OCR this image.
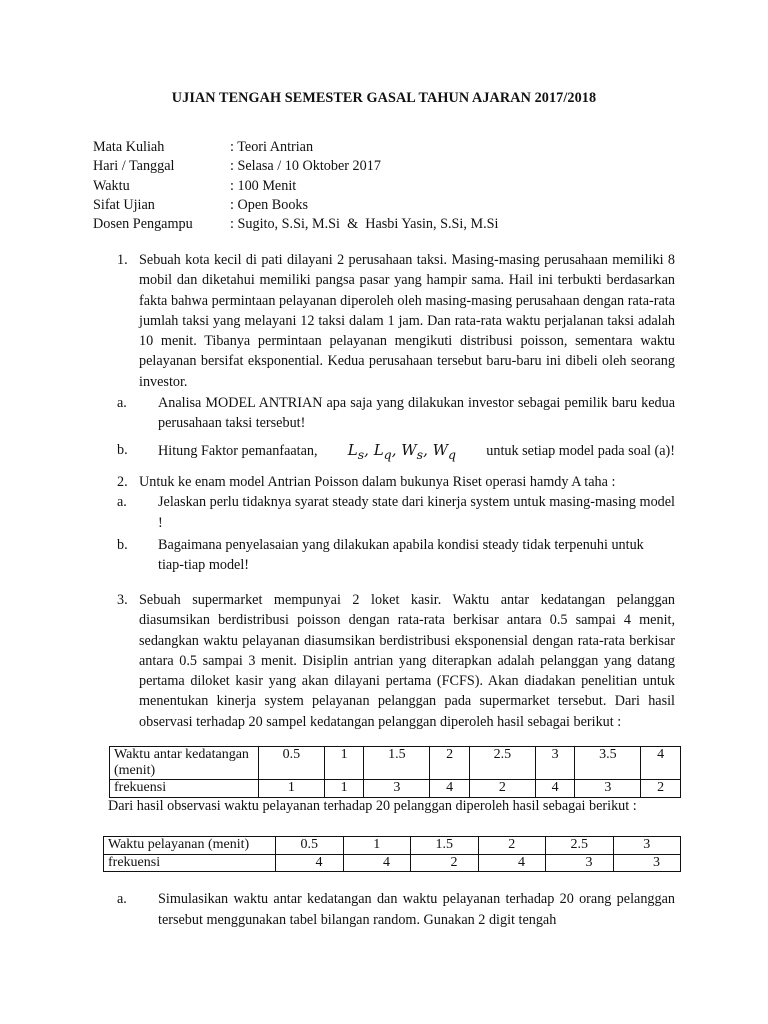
UJIAN TENGAH SEMESTER GASAL TAHUN AJARAN 2017/2018
Mata Kuliah	: Teori Antrian
Hari / Tanggal	: Selasa / 10 Oktober 2017
Waktu	: 100 Menit
Sifat Ujian	: Open Books
Dosen Pengampu	: Sugito, S.Si, M.Si  &  Hasbi Yasin, S.Si, M.Si
1. Sebuah kota kecil di pati dilayani 2 perusahaan taksi. Masing-masing perusahaan memiliki 8 mobil dan diketahui memiliki pangsa pasar yang hampir sama. Hail ini terbukti berdasarkan fakta bahwa permintaan pelayanan diperoleh oleh masing-masing perusahaan dengan rata-rata jumlah taksi yang melayani 12 taksi dalam 1 jam. Dan rata-rata waktu perjalanan taksi adalah 10 menit. Tibanya permintaan pelayanan mengikuti distribusi poisson, sementara waktu pelayanan bersifat eksponential. Kedua perusahaan tersebut baru-baru ini dibeli oleh seorang investor.
a. Analisa MODEL ANTRIAN apa saja yang dilakukan investor sebagai pemilik baru kedua perusahaan taksi tersebut!
b. Hitung Faktor pemanfaatan, $L_s$, $L_q$, $W_s$, $W_q$ untuk setiap model pada soal (a)!
2. Untuk ke enam model Antrian Poisson dalam bukunya Riset operasi hamdy A taha :
a. Jelaskan perlu tidaknya syarat steady state dari kinerja system untuk masing-masing model !
b. Bagaimana penyelasaian yang dilakukan apabila kondisi steady tidak terpenuhi untuk tiap-tiap model!
3. Sebuah supermarket mempunyai 2 loket kasir. Waktu antar kedatangan pelanggan diasumsikan berdistribusi poisson dengan rata-rata berkisar antara 0.5 sampai 4 menit, sedangkan waktu pelayanan diasumsikan berdistribusi eksponensial dengan rata-rata berkisar antara 0.5 sampai 3 menit. Disiplin antrian yang diterapkan adalah pelanggan yang datang pertama diloket kasir yang akan dilayani pertama (FCFS). Akan diadakan penelitian untuk menentukan kinerja system pelayanan pelanggan pada supermarket tersebut. Dari hasil observasi terhadap 20 sampel kedatangan pelanggan diperoleh hasil sebagai berikut :
Waktu antar kedatangan (menit)	0.5	1	1.5	2	2.5	3	3.5	4
frekuensi	1	1	3	4	2	4	3	2
Dari hasil observasi waktu pelayanan terhadap 20 pelanggan diperoleh hasil sebagai berikut :
Waktu pelayanan (menit)	0.5	1	1.5	2	2.5	3
frekuensi	4	4	2	4	3	3
a. Simulasikan waktu antar kedatangan dan waktu pelayanan terhadap 20 orang pelanggan tersebut menggunakan tabel bilangan random. Gunakan 2 digit tengah
